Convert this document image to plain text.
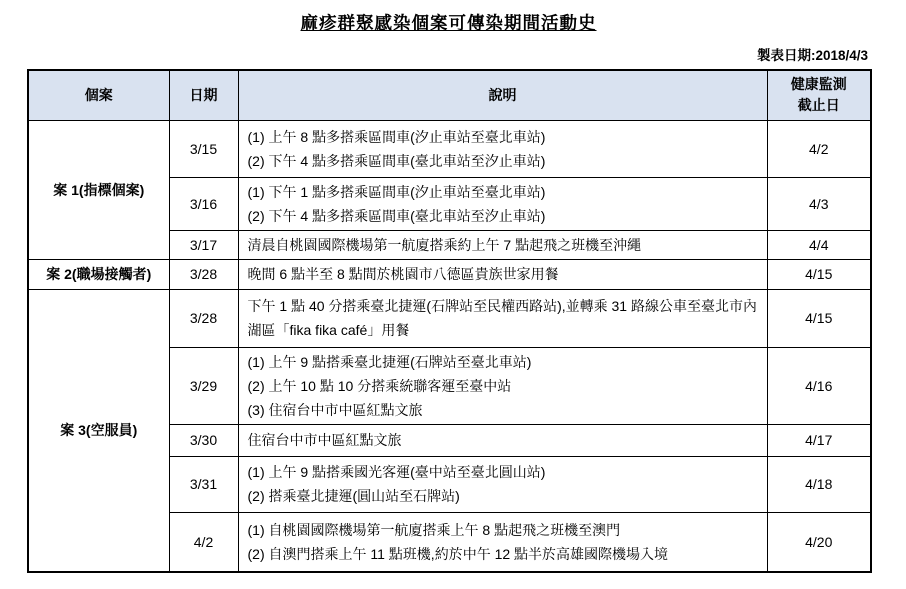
麻疹群聚感染個案可傳染期間活動史
製表日期:2018/4/3
個案	日期	說明	健康監測
截止日

案 1(指標個案)	3/15	(1) 上午 8 點多搭乘區間車(汐止車站至臺北車站)
(2) 下午 4 點多搭乘區間車(臺北車站至汐止車站)	4/2
	3/16	(1) 下午 1 點多搭乘區間車(汐止車站至臺北車站)
(2) 下午 4 點多搭乘區間車(臺北車站至汐止車站)	4/3
	3/17	清晨自桃園國際機場第一航廈搭乘約上午 7 點起飛之班機至沖繩	4/4
案 2(職場接觸者)	3/28	晚間 6 點半至 8 點間於桃園市八德區貴族世家用餐	4/15
案 3(空服員)	3/28	下午 1 點 40 分搭乘臺北捷運(石牌站至民權西路站),並轉乘 31 路線公車至臺北市內湖區「fika fika café」用餐	4/15
	3/29	(1) 上午 9 點搭乘臺北捷運(石牌站至臺北車站)
(2) 上午 10 點 10 分搭乘統聯客運至臺中站
(3) 住宿台中市中區紅點文旅	4/16
	3/30	住宿台中市中區紅點文旅	4/17
	3/31	(1) 上午 9 點搭乘國光客運(臺中站至臺北圓山站)
(2) 搭乘臺北捷運(圓山站至石牌站)	4/18
	4/2	(1) 自桃園國際機場第一航廈搭乘上午 8 點起飛之班機至澳門
(2) 自澳門搭乘上午 11 點班機,約於中午 12 點半於高雄國際機場入境	4/20
